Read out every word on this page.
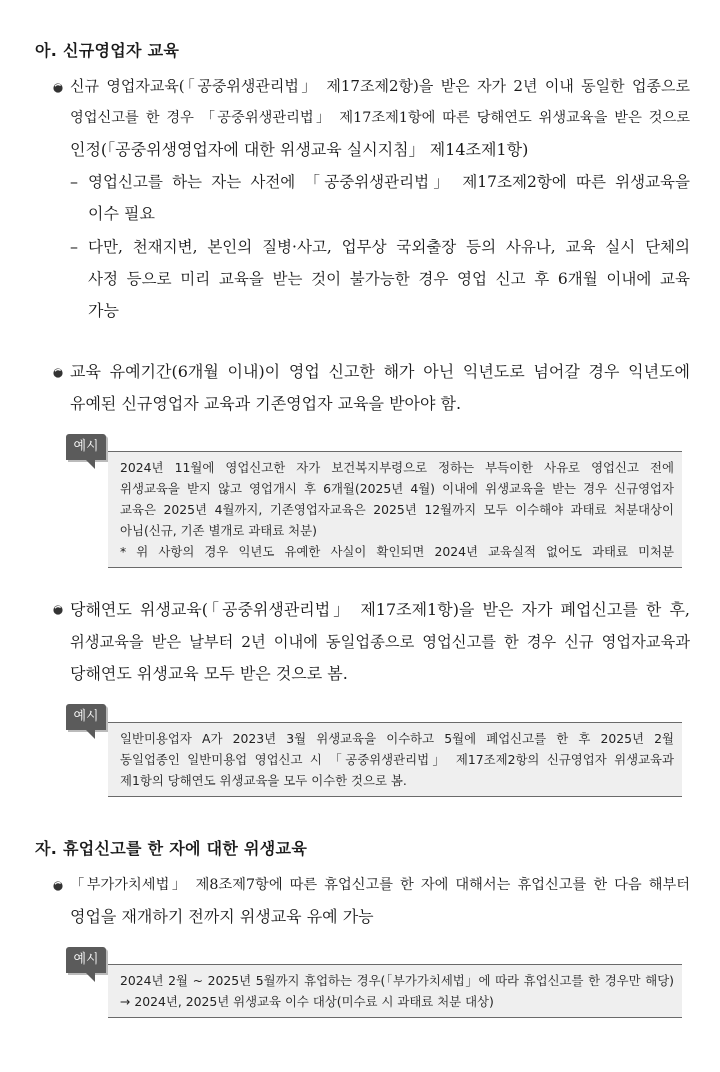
아. 신규영업자 교육
신규 영업자교육(「공중위생관리법」 제17조제2항)을 받은 자가 2년 이내 동일한 업종으로
영업신고를 한 경우 「공중위생관리법」 제17조제1항에 따른 당해연도 위생교육을 받은 것으로
인정(「공중위생영업자에 대한 위생교육 실시지침」 제14조제1항)
– 영업신고를 하는 자는 사전에 「공중위생관리법」 제17조제2항에 따른 위생교육을
이수 필요
– 다만, 천재지변, 본인의 질병·사고, 업무상 국외출장 등의 사유나, 교육 실시 단체의
사정 등으로 미리 교육을 받는 것이 불가능한 경우 영업 신고 후 6개월 이내에 교육
가능
교육 유예기간(6개월 이내)이 영업 신고한 해가 아닌 익년도로 넘어갈 경우 익년도에
유예된 신규영업자 교육과 기존영업자 교육을 받아야 함.
예시
2024년 11월에 영업신고한 자가 보건복지부령으로 정하는 부득이한 사유로 영업신고 전에
위생교육을 받지 않고 영업개시 후 6개월(2025년 4월) 이내에 위생교육을 받는 경우 신규영업자
교육은 2025년 4월까지, 기존영업자교육은 2025년 12월까지 모두 이수해야 과태료 처분대상이
아님(신규, 기존 별개로 과태료 처분)
* 위 사항의 경우 익년도 유예한 사실이 확인되면 2024년 교육실적 없어도 과태료 미처분
당해연도 위생교육(「공중위생관리법」 제17조제1항)을 받은 자가 폐업신고를 한 후,
위생교육을 받은 날부터 2년 이내에 동일업종으로 영업신고를 한 경우 신규 영업자교육과
당해연도 위생교육 모두 받은 것으로 봄.
예시
일반미용업자 A가 2023년 3월 위생교육을 이수하고 5월에 폐업신고를 한 후 2025년 2월
동일업종인 일반미용업 영업신고 시 「공중위생관리법」 제17조제2항의 신규영업자 위생교육과
제1항의 당해연도 위생교육을 모두 이수한 것으로 봄.
자. 휴업신고를 한 자에 대한 위생교육
「부가가치세법」 제8조제7항에 따른 휴업신고를 한 자에 대해서는 휴업신고를 한 다음 해부터
영업을 재개하기 전까지 위생교육 유예 가능
예시
2024년 2월 ~ 2025년 5월까지 휴업하는 경우(「부가가치세법」에 따라 휴업신고를 한 경우만 해당)
→ 2024년, 2025년 위생교육 이수 대상(미수료 시 과태료 처분 대상)
